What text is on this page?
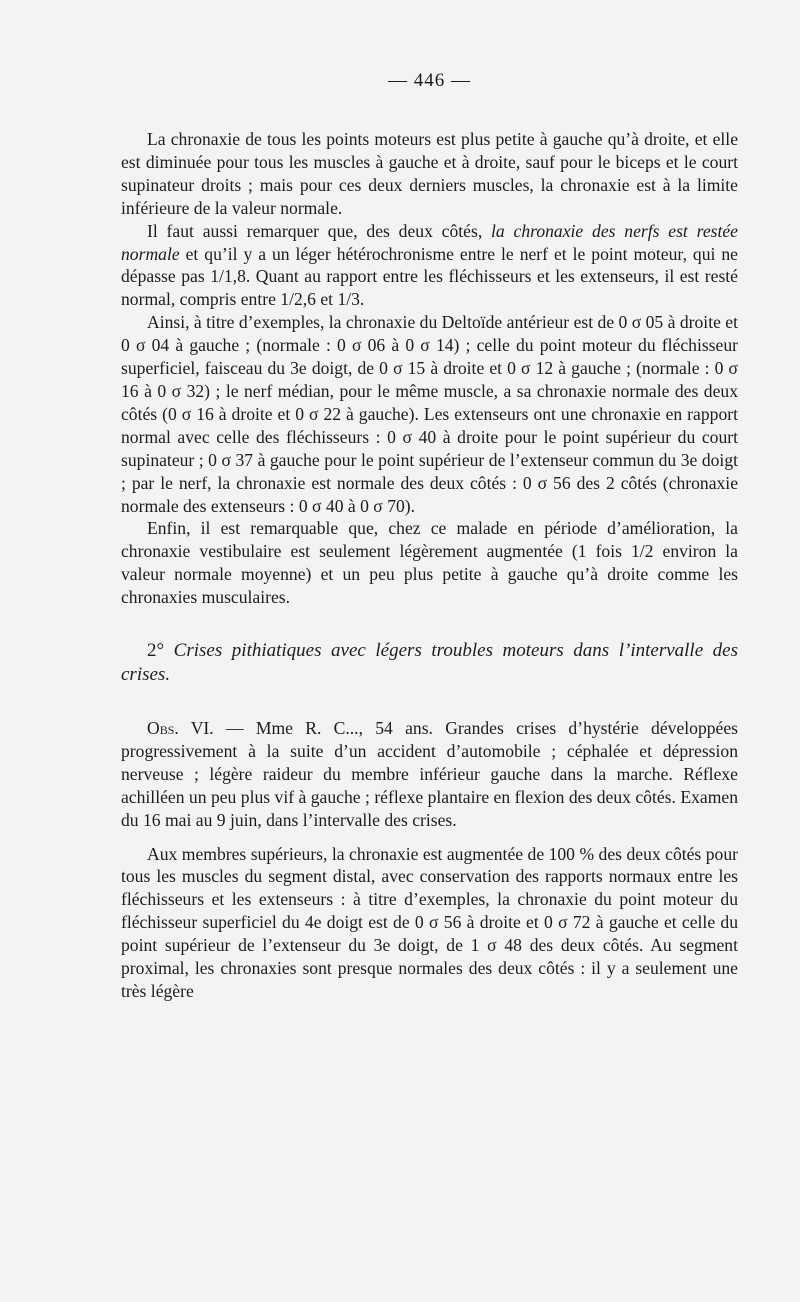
— 446 —

La chronaxie de tous les points moteurs est plus petite à gauche qu’à droite, et elle est diminuée pour tous les muscles à gauche et à droite, sauf pour le biceps et le court supinateur droits ; mais pour ces deux derniers muscles, la chronaxie est à la limite inférieure de la valeur normale.

Il faut aussi remarquer que, des deux côtés, la chronaxie des nerfs est restée normale et qu’il y a un léger hétérochronisme entre le nerf et le point moteur, qui ne dépasse pas 1/1,8. Quant au rapport entre les fléchisseurs et les extenseurs, il est resté normal, compris entre 1/2,6 et 1/3.

Ainsi, à titre d’exemples, la chronaxie du Deltoïde antérieur est de 0 σ 05 à droite et 0 σ 04 à gauche ; (normale : 0 σ 06 à 0 σ 14) ; celle du point moteur du fléchisseur superficiel, faisceau du 3e doigt, de 0 σ 15 à droite et 0 σ 12 à gauche ; (normale : 0 σ 16 à 0 σ 32) ; le nerf médian, pour le même muscle, a sa chronaxie normale des deux côtés (0 σ 16 à droite et 0 σ 22 à gauche). Les extenseurs ont une chronaxie en rapport normal avec celle des fléchisseurs : 0 σ 40 à droite pour le point supérieur du court supinateur ; 0 σ 37 à gauche pour le point supérieur de l’extenseur commun du 3e doigt ; par le nerf, la chronaxie est normale des deux côtés : 0 σ 56 des 2 côtés (chronaxie normale des extenseurs : 0 σ 40 à 0 σ 70).

Enfin, il est remarquable que, chez ce malade en période d’amélioration, la chronaxie vestibulaire est seulement légèrement augmentée (1 fois 1/2 environ la valeur normale moyenne) et un peu plus petite à gauche qu’à droite comme les chronaxies musculaires.

2° Crises pithiatiques avec légers troubles moteurs dans l’intervalle des crises.

Obs. VI. — Mme R. C..., 54 ans. Grandes crises d’hystérie développées progressivement à la suite d’un accident d’automobile ; céphalée et dépression nerveuse ; légère raideur du membre inférieur gauche dans la marche. Réflexe achilléen un peu plus vif à gauche ; réflexe plantaire en flexion des deux côtés. Examen du 16 mai au 9 juin, dans l’intervalle des crises.

Aux membres supérieurs, la chronaxie est augmentée de 100 % des deux côtés pour tous les muscles du segment distal, avec conservation des rapports normaux entre les fléchisseurs et les extenseurs : à titre d’exemples, la chronaxie du point moteur du fléchisseur superficiel du 4e doigt est de 0 σ 56 à droite et 0 σ 72 à gauche et celle du point supérieur de l’extenseur du 3e doigt, de 1 σ 48 des deux côtés. Au segment proximal, les chronaxies sont presque normales des deux côtés : il y a seulement une très légère
